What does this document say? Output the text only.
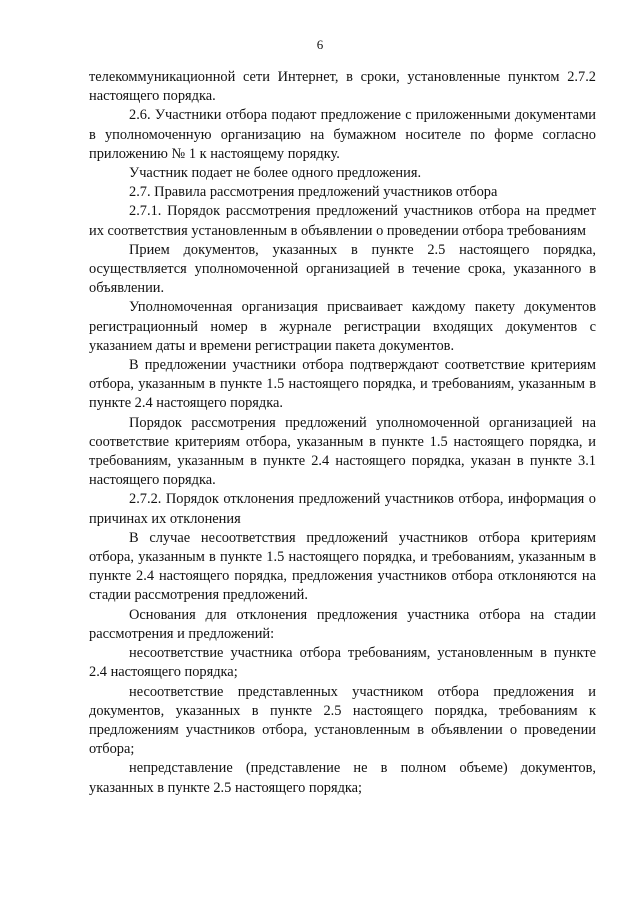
6

телекоммуникационной сети Интернет, в сроки, установленные пунктом 2.7.2 настоящего порядка.

2.6. Участники отбора подают предложение с приложенными документами в уполномоченную организацию на бумажном носителе по форме согласно приложению № 1 к настоящему порядку.

Участник подает не более одного предложения.

2.7. Правила рассмотрения предложений участников отбора

2.7.1. Порядок рассмотрения предложений участников отбора на предмет их соответствия установленным в объявлении о проведении отбора требованиям

Прием документов, указанных в пункте 2.5 настоящего порядка, осуществляется уполномоченной организацией в течение срока, указанного в объявлении.

Уполномоченная организация присваивает каждому пакету документов регистрационный номер в журнале регистрации входящих документов с указанием даты и времени регистрации пакета документов.

В предложении участники отбора подтверждают соответствие критериям отбора, указанным в пункте 1.5 настоящего порядка, и требованиям, указанным в пункте 2.4 настоящего порядка.

Порядок рассмотрения предложений уполномоченной организацией на соответствие критериям отбора, указанным в пункте 1.5 настоящего порядка, и требованиям, указанным в пункте 2.4 настоящего порядка, указан в пункте 3.1 настоящего порядка.

2.7.2. Порядок отклонения предложений участников отбора, информация о причинах их отклонения

В случае несоответствия предложений участников отбора критериям отбора, указанным в пункте 1.5 настоящего порядка, и требованиям, указанным в пункте 2.4 настоящего порядка, предложения участников отбора отклоняются на стадии рассмотрения предложений.

Основания для отклонения предложения участника отбора на стадии рассмотрения и предложений:

несоответствие участника отбора требованиям, установленным в пункте 2.4 настоящего порядка;

несоответствие представленных участником отбора предложения и документов, указанных в пункте 2.5 настоящего порядка, требованиям к предложениям участников отбора, установленным в объявлении о проведении отбора;

непредставление (представление не в полном объеме) документов, указанных в пункте 2.5 настоящего порядка;
